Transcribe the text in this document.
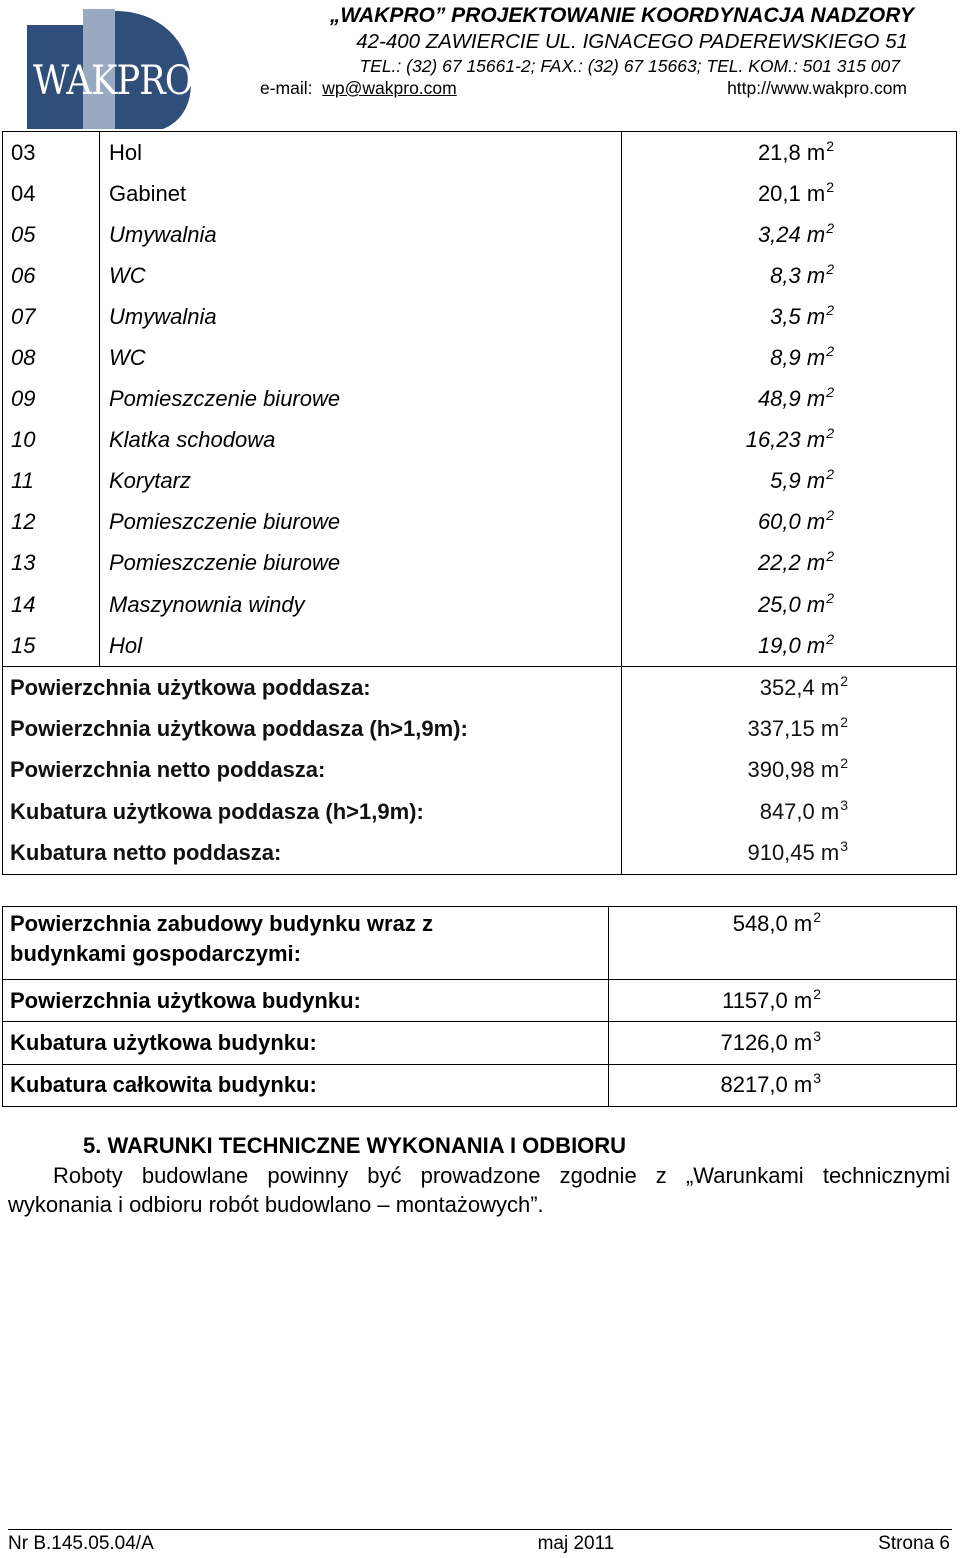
WAKPRO
„WAKPRO” PROJEKTOWANIE KOORDYNACJA NADZORY
42-400 ZAWIERCIE UL. IGNACEGO PADEREWSKIEGO 51
TEL.: (32) 67 15661-2; FAX.: (32) 67 15663; TEL. KOM.: 501 315 007
e-mail: wp@wakpro.com	http://www.wakpro.com
03	Hol	21,8 $m^2$
04	Gabinet	20,1 $m^2$
05	Umywalnia	3,24 $m^2$
06	WC	8,3 $m^2$
07	Umywalnia	3,5 $m^2$
08	WC	8,9 $m^2$
09	Pomieszczenie biurowe	48,9 $m^2$
10	Klatka schodowa	16,23 $m^2$
11	Korytarz	5,9 $m^2$
12	Pomieszczenie biurowe	60,0 $m^2$
13	Pomieszczenie biurowe	22,2 $m^2$
14	Maszynownia windy	25,0 $m^2$
15	Hol	19,0 $m^2$
Powierzchnia użytkowa poddasza:		352,4 $m^2$
Powierzchnia użytkowa poddasza (h>1,9m):		337,15 $m^2$
Powierzchnia netto poddasza:		390,98 $m^2$
Kubatura użytkowa poddasza (h>1,9m):		847,0 $m^3$
Kubatura netto poddasza:		910,45 $m^3$
Powierzchnia zabudowy budynku wraz z
budynkami gospodarczymi:	548,0 $m^2$
Powierzchnia użytkowa budynku:	1157,0 $m^2$
Kubatura użytkowa budynku:	7126,0 $m^3$
Kubatura całkowita budynku:	8217,0 $m^3$
5. WARUNKI TECHNICZNE WYKONANIA I ODBIORU
Roboty budowlane powinny być prowadzone zgodnie z „Warunkami technicznymi wykonania i odbioru robót budowlano – montażowych”.
Nr B.145.05.04/A	maj 2011	Strona 6
